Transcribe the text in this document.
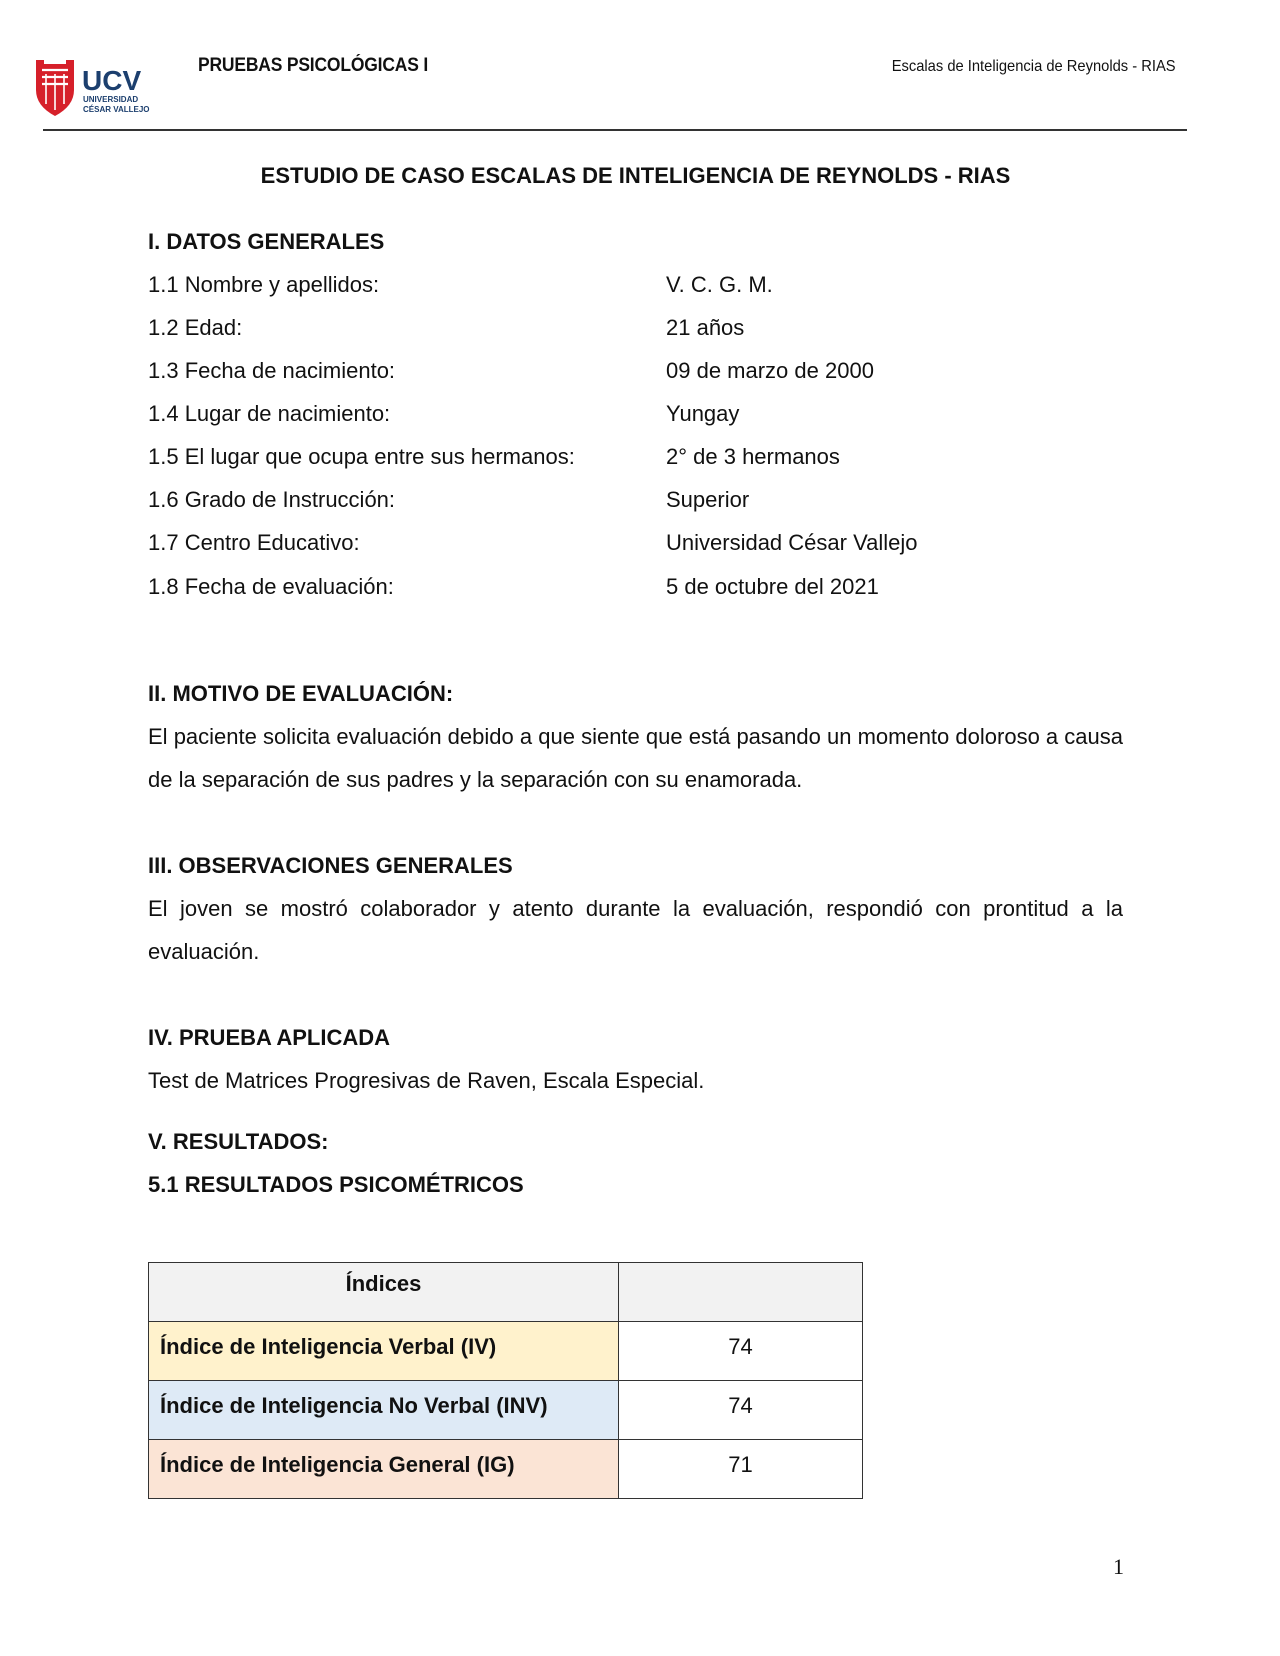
UCV
UNIVERSIDAD
CÉSAR VALLEJO
PRUEBAS PSICOLÓGICAS I	Escalas de Inteligencia de Reynolds - RIAS
ESTUDIO DE CASO ESCALAS DE INTELIGENCIA DE REYNOLDS - RIAS
I. DATOS GENERALES
1.1 Nombre y apellidos:	V. C. G. M.
1.2 Edad:	21 años
1.3 Fecha de nacimiento:	09 de marzo de 2000
1.4 Lugar de nacimiento:	Yungay
1.5 El lugar que ocupa entre sus hermanos:	2° de 3 hermanos
1.6 Grado de Instrucción:	Superior
1.7 Centro Educativo:	Universidad César Vallejo
1.8 Fecha de evaluación:	5 de octubre del 2021
II. MOTIVO DE EVALUACIÓN:

El paciente solicita evaluación debido a que siente que está pasando un momento doloroso a causa de la separación de sus padres y la separación con su enamorada.

III. OBSERVACIONES GENERALES

El joven se mostró colaborador y atento durante la evaluación, respondió con prontitud a la evaluación.

IV. PRUEBA APLICADA

Test de Matrices Progresivas de Raven, Escala Especial.

V. RESULTADOS:
5.1 RESULTADOS PSICOMÉTRICOS
Índices	

Índice de Inteligencia Verbal (IV)	74

Índice de Inteligencia No Verbal (INV)	74

Índice de Inteligencia General (IG)	71
1
